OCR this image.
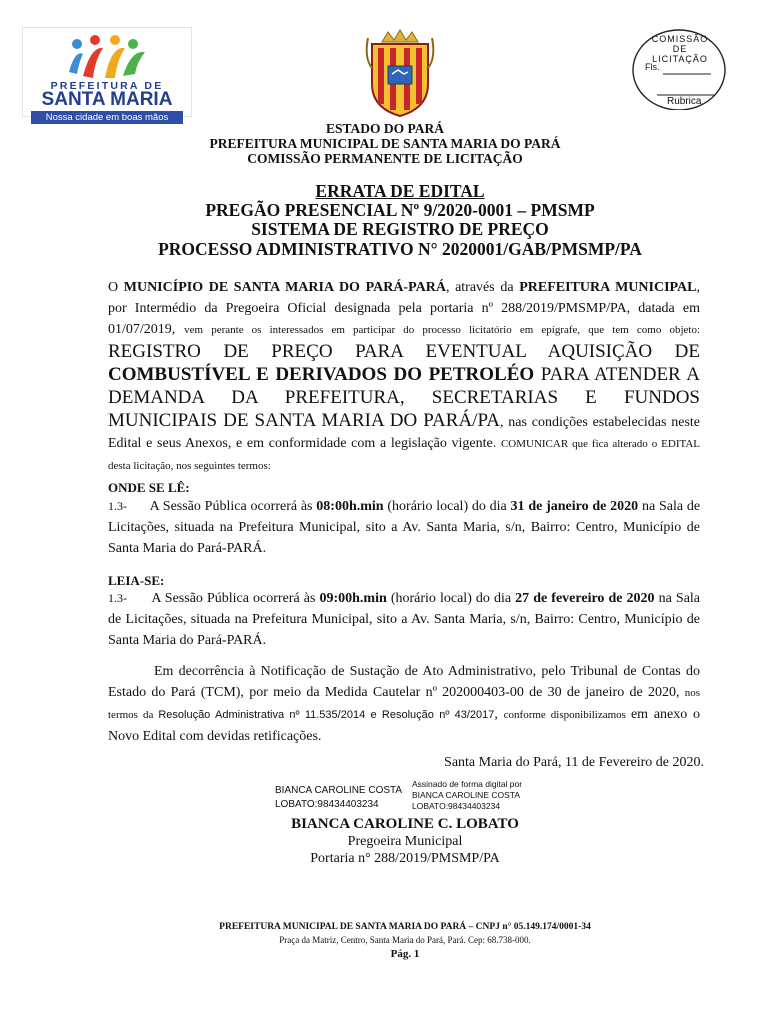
PREFEITURA DE
SANTA MARIA
Nossa cidade em boas mãos
COMISSÃO DE LICITAÇÃO
Fls.
Rubrica
ESTADO DO PARÁ
PREFEITURA MUNICIPAL DE SANTA MARIA DO PARÁ
COMISSÃO PERMANENTE DE LICITAÇÃO
ERRATA DE EDITAL
PREGÃO PRESENCIAL Nº 9/2020-0001 – PMSMP
SISTEMA DE REGISTRO DE PREÇO
PROCESSO ADMINISTRATIVO N° 2020001/GAB/PMSMP/PA
O MUNICÍPIO DE SANTA MARIA DO PARÁ-PARÁ, através da PREFEITURA MUNICIPAL, por Intermédio da Pregoeira Oficial designada pela portaria nº 288/2019/PMSMP/PA, datada em 01/07/2019, vem perante os interessados em participar do processo licitatório em epígrafe, que tem como objeto: REGISTRO DE PREÇO PARA EVENTUAL AQUISIÇÃO DE COMBUSTÍVEL E DERIVADOS DO PETROLÉO PARA ATENDER A DEMANDA DA PREFEITURA, SECRETARIAS E FUNDOS MUNICIPAIS DE SANTA MARIA DO PARÁ/PA, nas condições estabelecidas neste Edital e seus Anexos, e em conformidade com a legislação vigente. COMUNICAR que fica alterado o EDITAL desta licitação, nos seguintes termos:
ONDE SE LÊ:
1.3- A Sessão Pública ocorrerá às 08:00h.min (horário local) do dia 31 de janeiro de 2020 na Sala de Licitações, situada na Prefeitura Municipal, sito a Av. Santa Maria, s/n, Bairro: Centro, Município de Santa Maria do Pará-PARÁ.
LEIA-SE:
1.3- A Sessão Pública ocorrerá às 09:00h.min (horário local) do dia 27 de fevereiro de 2020 na Sala de Licitações, situada na Prefeitura Municipal, sito a Av. Santa Maria, s/n, Bairro: Centro, Município de Santa Maria do Pará-PARÁ.
Em decorrência à Notificação de Sustação de Ato Administrativo, pelo Tribunal de Contas do Estado do Pará (TCM), por meio da Medida Cautelar nº 202000403-00 de 30 de janeiro de 2020, nos termos da Resolução Administrativa nº 11.535/2014 e Resolução nº 43/2017, conforme disponibilizamos em anexo o Novo Edital com devidas retificações.
Santa Maria do Pará, 11 de Fevereiro de 2020.
BIANCA CAROLINE COSTA
LOBATO:98434403234
Assinado de forma digital por
BIANCA CAROLINE COSTA
LOBATO:98434403234
BIANCA CAROLINE C. LOBATO
Pregoeira Municipal
Portaria n° 288/2019/PMSMP/PA
PREFEITURA MUNICIPAL DE SANTA MARIA DO PARÁ – CNPJ n° 05.149.174/0001-34
Praça da Matriz, Centro, Santa Maria do Pará, Pará. Cep: 68.738-000.
Pág. 1
